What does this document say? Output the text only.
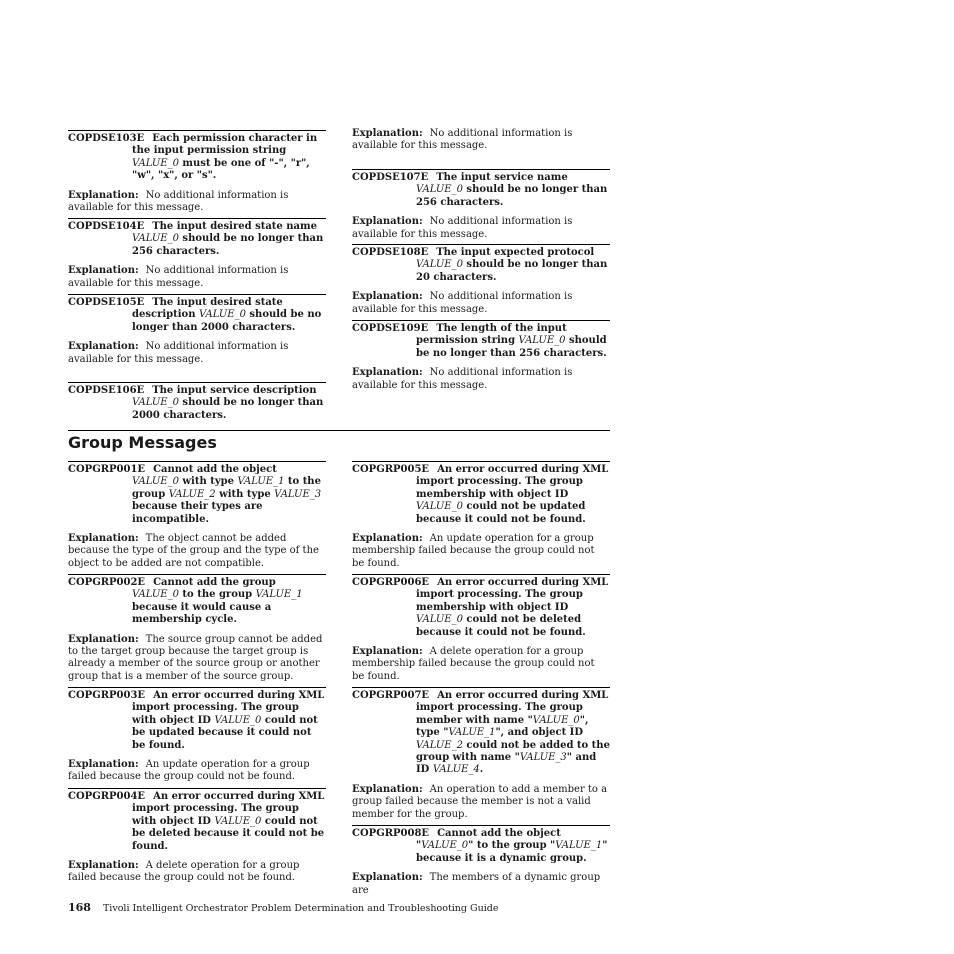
COPDSE103E Each permission character in the input permission string VALUE_0 must be one of "-", "r", "w", "x", or "s".

Explanation: No additional information is available for this message.

COPDSE104E The input desired state name VALUE_0 should be no longer than 256 characters.

Explanation: No additional information is available for this message.

COPDSE105E The input desired state description VALUE_0 should be no longer than 2000 characters.

Explanation: No additional information is available for this message.

COPDSE106E The input service description VALUE_0 should be no longer than 2000 characters.

Explanation: No additional information is available for this message.

COPDSE107E The input service name VALUE_0 should be no longer than 256 characters.

Explanation: No additional information is available for this message.

COPDSE108E The input expected protocol VALUE_0 should be no longer than 20 characters.

Explanation: No additional information is available for this message.

COPDSE109E The length of the input permission string VALUE_0 should be no longer than 256 characters.

Explanation: No additional information is available for this message.

Group Messages

COPGRP001E Cannot add the object VALUE_0 with type VALUE_1 to the group VALUE_2 with type VALUE_3 because their types are incompatible.

Explanation: The object cannot be added because the type of the group and the type of the object to be added are not compatible.

COPGRP002E Cannot add the group VALUE_0 to the group VALUE_1 because it would cause a membership cycle.

Explanation: The source group cannot be added to the target group because the target group is already a member of the source group or another group that is a member of the source group.

COPGRP003E An error occurred during XML import processing. The group with object ID VALUE_0 could not be updated because it could not be found.

Explanation: An update operation for a group failed because the group could not be found.

COPGRP004E An error occurred during XML import processing. The group with object ID VALUE_0 could not be deleted because it could not be found.

Explanation: A delete operation for a group failed because the group could not be found.

COPGRP005E An error occurred during XML import processing. The group membership with object ID VALUE_0 could not be updated because it could not be found.

Explanation: An update operation for a group membership failed because the group could not be found.

COPGRP006E An error occurred during XML import processing. The group membership with object ID VALUE_0 could not be deleted because it could not be found.

Explanation: A delete operation for a group membership failed because the group could not be found.

COPGRP007E An error occurred during XML import processing. The group member with name "VALUE_0", type "VALUE_1", and object ID VALUE_2 could not be added to the group with name "VALUE_3" and ID VALUE_4.

Explanation: An operation to add a member to a group failed because the member is not a valid member for the group.

COPGRP008E Cannot add the object "VALUE_0" to the group "VALUE_1" because it is a dynamic group.

Explanation: The members of a dynamic group are

168 Tivoli Intelligent Orchestrator Problem Determination and Troubleshooting Guide
